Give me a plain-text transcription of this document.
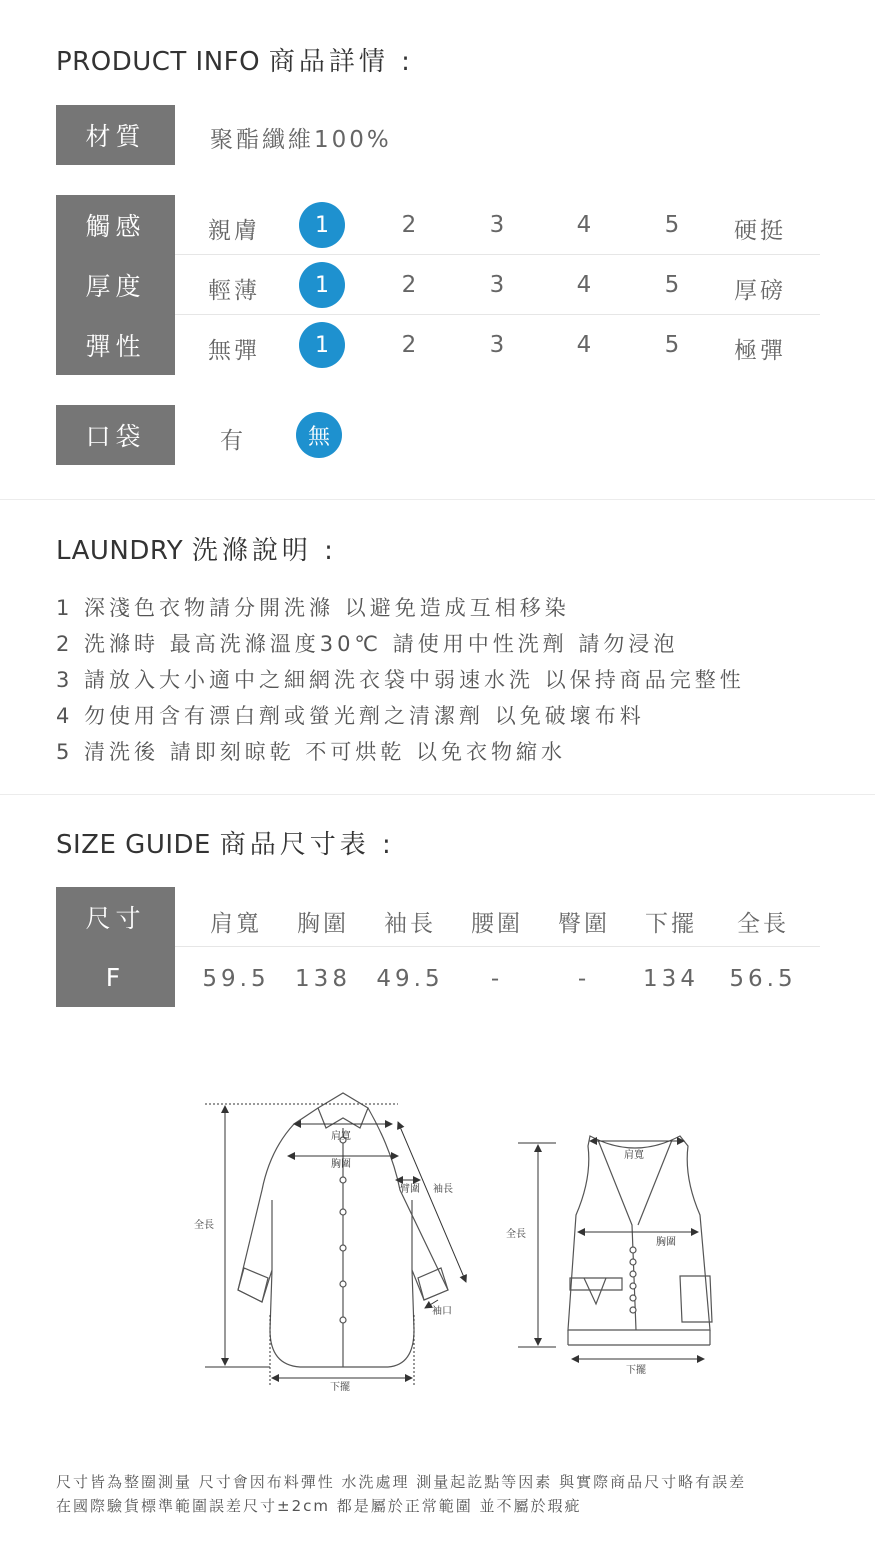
PRODUCT INFO 商品詳情 :
材質	聚酯纖維100%
觸感	親膚	1	2	3	4	5	硬挺
厚度	輕薄	1	2	3	4	5	厚磅
彈性	無彈	1	2	3	4	5	極彈
口袋	有	無
LAUNDRY 洗滌說明 :
1 深淺色衣物請分開洗滌 以避免造成互相移染
2 洗滌時 最高洗滌溫度30℃ 請使用中性洗劑 請勿浸泡
3 請放入大小適中之細網洗衣袋中弱速水洗 以保持商品完整性
4 勿使用含有漂白劑或螢光劑之清潔劑 以免破壞布料
5 清洗後 請即刻晾乾 不可烘乾 以免衣物縮水
SIZE GUIDE 商品尺寸表 :
尺寸	肩寬	胸圍	袖長	腰圍	臀圍	下擺	全長
F	59.5	138	49.5	-	-	134	56.5
肩寬
胸圍
臂圍 袖長
全長
袖口
下擺
肩寬
全長
胸圍
下擺
尺寸皆為整圈測量 尺寸會因布料彈性 水洗處理 測量起訖點等因素 與實際商品尺寸略有誤差
在國際驗貨標準範圍誤差尺寸±2cm 都是屬於正常範圍 並不屬於瑕疵
